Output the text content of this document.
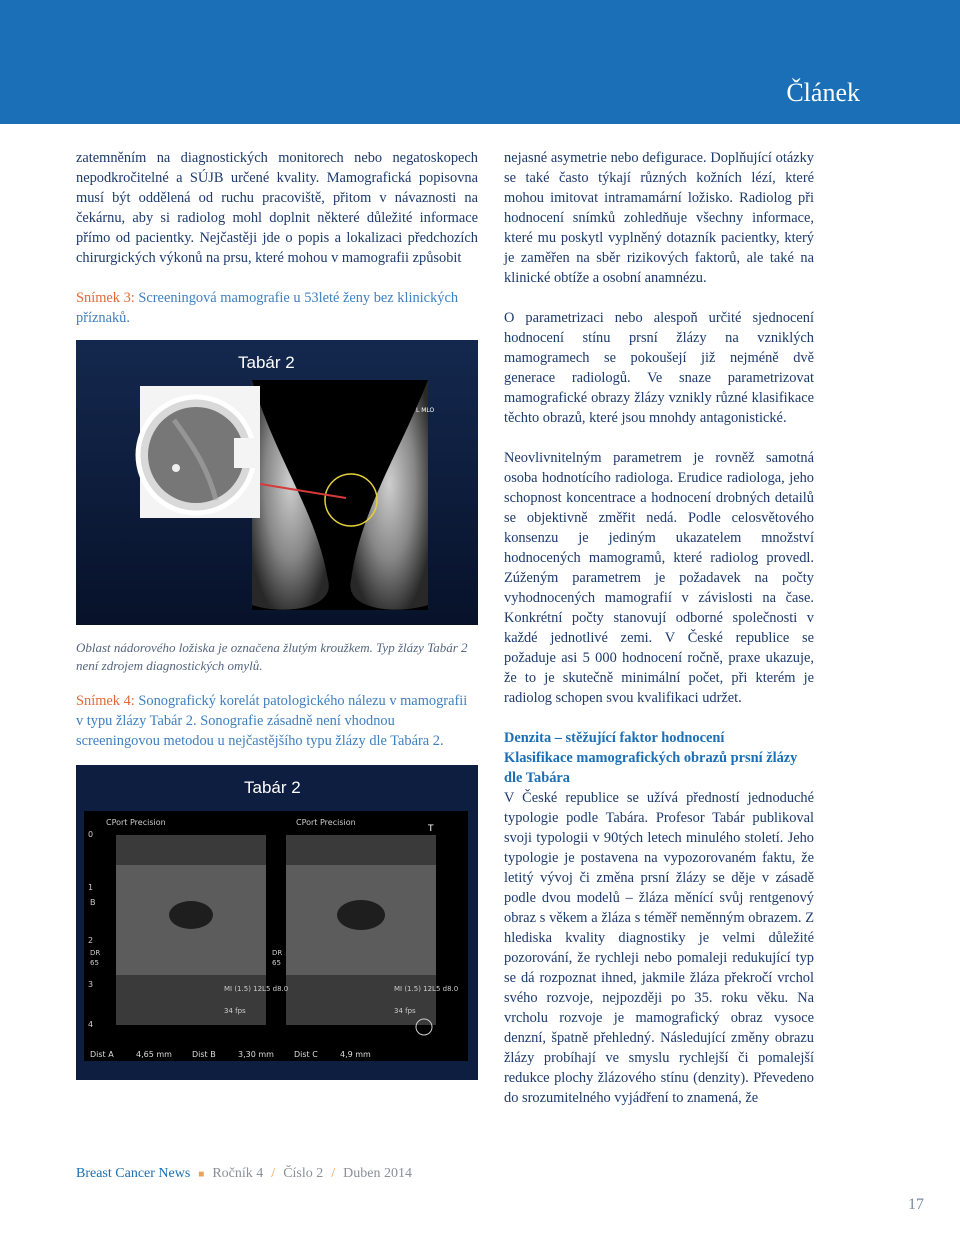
Článek

zatemněním na diagnostických monitorech nebo negatoskopech nepodkročitelné a SÚJB určené kvality. Mamografická popisovna musí být oddělená od ruchu pracoviště, přitom v návaznosti na čekárnu, aby si radiolog mohl doplnit některé důležité informace přímo od pacientky. Nejčastěji jde o popis a lokalizaci předchozích chirurgických výkonů na prsu, které mohou v mamografii způsobit

Snímek 3: Screeningová mamografie u 53leté ženy bez klinických příznaků.

L MLO
Tabár 2

Oblast nádorového ložiska je označena žlutým kroužkem. Typ žlázy Tabár 2 není zdrojem diagnostických omylů.

Snímek 4: Sonografický korelát patologického nálezu v mamografii v typu žlázy Tabár 2. Sonografie zásadně není vhodnou screeningovou metodou u nejčastějšího typu žlázy dle Tabára 2.

Tabár 2
CPort Precision	CPort Precision
0
1
2
3
4
B
T
DR
65
DR
65
MI (1.5) 12L5 d8.0	MI (1.5) 12L5 d8.0
34 fps	34 fps
Dist A	4,65 mm	Dist B	3,30 mm	Dist C	4,9 mm

nejasné asymetrie nebo defigurace. Doplňující otázky se také často týkají různých kožních lézí, které mohou imitovat intramamární ložisko. Radiolog při hodnocení snímků zohledňuje všechny informace, které mu poskytl vyplněný dotazník pacientky, který je zaměřen na sběr rizikových faktorů, ale také na klinické obtíže a osobní anamnézu.

O parametrizaci nebo alespoň určité sjednocení hodnocení stínu prsní žlázy na vzniklých mamogramech se pokoušejí již nejméně dvě generace radiologů. Ve snaze parametrizovat mamografické obrazy žlázy vznikly různé klasifikace těchto obrazů, které jsou mnohdy antagonistické.

Neovlivnitelným parametrem je rovněž samotná osoba hodnotícího radiologa. Erudice radiologa, jeho schopnost koncentrace a hodnocení drobných detailů se objektivně změřit nedá. Podle celosvětového konsenzu je jediným ukazatelem množství hodnocených mamogramů, které radiolog provedl. Zúženým parametrem je požadavek na počty vyhodnocených mamografií v závislosti na čase. Konkrétní počty stanovují odborné společnosti v každé jednotlivé zemi. V České republice se požaduje asi 5 000 hodnocení ročně, praxe ukazuje, že to je skutečně minimální počet, při kterém je radiolog schopen svou kvalifikaci udržet.

Denzita – stěžující faktor hodnocení

Klasifikace mamografických obrazů prsní žlázy dle Tabára

V České republice se užívá předností jednoduché typologie podle Tabára. Profesor Tabár publikoval svoji typologii v 90tých letech minulého století. Jeho typologie je postavena na vypozorovaném faktu, že letitý vývoj či změna prsní žlázy se děje v zásadě podle dvou modelů – žláza měnící svůj rentgenový obraz s věkem a žláza s téměř neměnným obrazem. Z hlediska kvality diagnostiky je velmi důležité pozorování, že rychleji nebo pomaleji redukující typ se dá rozpoznat ihned, jakmile žláza překročí vrchol svého rozvoje, nejpozději po 35. roku věku. Na vrcholu rozvoje je mamografický obraz vysoce denzní, špatně přehledný. Následující změny obrazu žlázy probíhají ve smyslu rychlejší či pomalejší redukce plochy žlázového stínu (denzity). Převedeno do srozumitelného vyjádření to znamená, že

Breast Cancer News ■ Ročník 4 / Číslo 2 / Duben 2014
17
